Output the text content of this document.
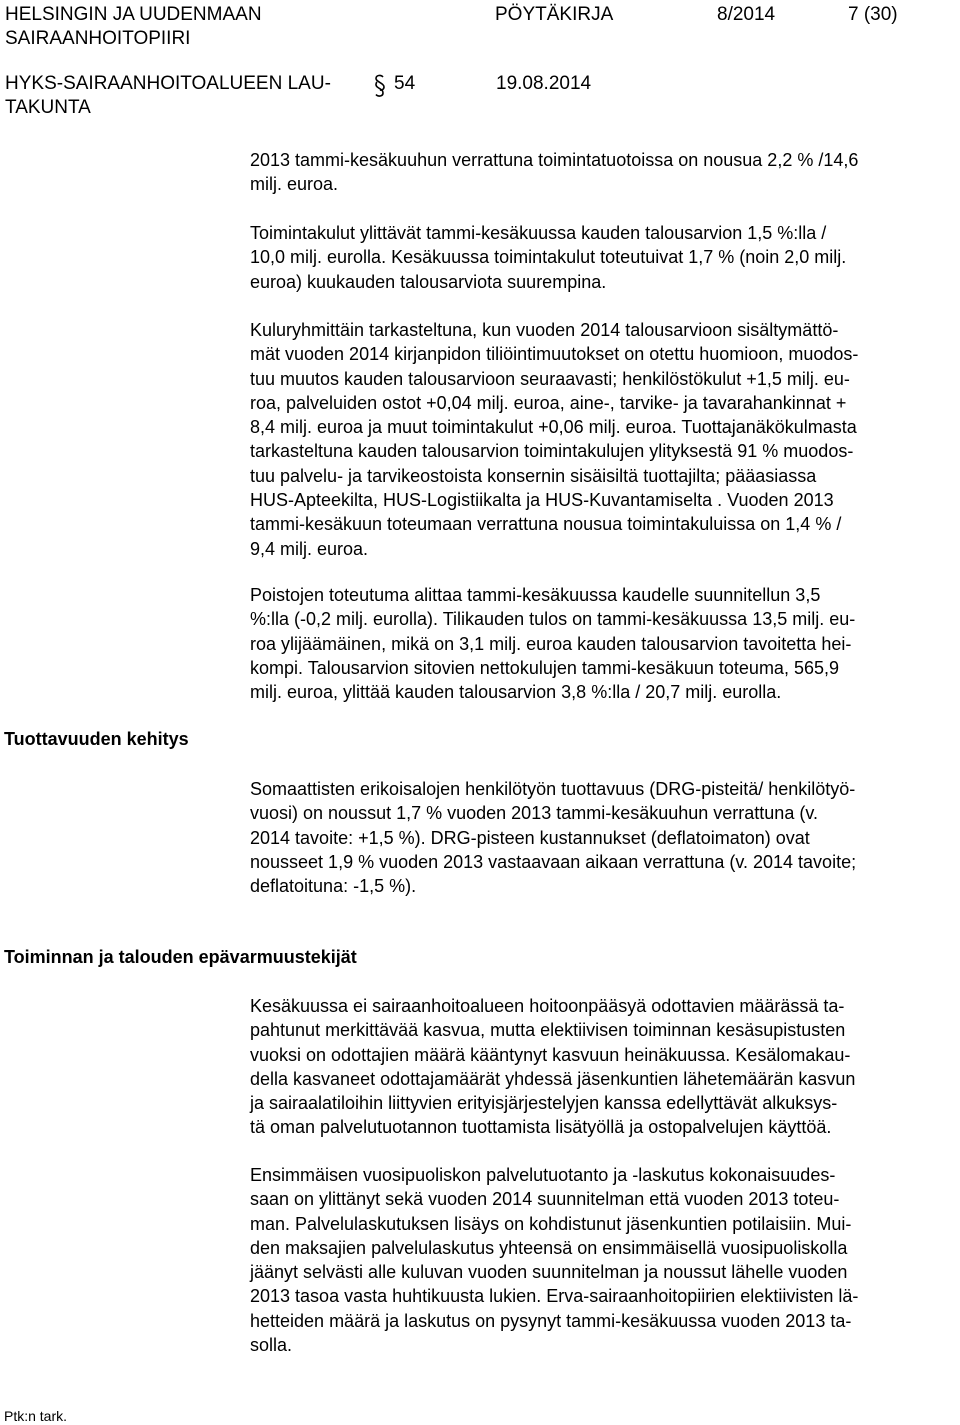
HELSINGIN JA UUDENMAAN
SAIRAANHOITOPIIRI
PÖYTÄKIRJA	8/2014	7 (30)
HYKS-SAIRAANHOITOALUEEN LAU-
TAKUNTA
54	19.08.2014
2013 tammi-kesäkuuhun verrattuna toimintatuotoissa on nousua 2,2 % /14,6
milj. euroa.
Toimintakulut ylittävät tammi-kesäkuussa kauden talousarvion 1,5 %:lla /
10,0 milj. eurolla. Kesäkuussa toimintakulut toteutuivat 1,7 % (noin 2,0 milj.
euroa) kuukauden talousarviota suurempina.
Kuluryhmittäin tarkasteltuna, kun vuoden 2014 talousarvioon sisältymättö-
mät vuoden 2014 kirjanpidon tiliöintimuutokset on otettu huomioon, muodos-
tuu muutos kauden talousarvioon seuraavasti; henkilöstökulut +1,5 milj. eu-
roa, palveluiden ostot +0,04 milj. euroa, aine-, tarvike- ja tavarahankinnat +
8,4 milj. euroa ja muut toimintakulut +0,06 milj. euroa. Tuottajanäkökulmasta
tarkasteltuna kauden talousarvion toimintakulujen ylityksestä 91 % muodos-
tuu palvelu- ja tarvikeostoista konsernin sisäisiltä tuottajilta; pääasiassa
HUS-Apteekilta, HUS-Logistiikalta ja HUS-Kuvantamiselta . Vuoden 2013
tammi-kesäkuun toteumaan verrattuna nousua toimintakuluissa on 1,4 % /
9,4 milj. euroa.
Poistojen toteutuma alittaa tammi-kesäkuussa kaudelle suunnitellun 3,5
%:lla (-0,2 milj. eurolla). Tilikauden tulos on tammi-kesäkuussa 13,5 milj. eu-
roa ylijäämäinen, mikä on 3,1 milj. euroa kauden talousarvion tavoitetta hei-
kompi. Talousarvion sitovien nettokulujen tammi-kesäkuun toteuma, 565,9
milj. euroa, ylittää kauden talousarvion 3,8 %:lla / 20,7 milj. eurolla.
Tuottavuuden kehitys
Somaattisten erikoisalojen henkilötyön tuottavuus (DRG-pisteitä/ henkilötyö-
vuosi) on noussut 1,7 % vuoden 2013 tammi-kesäkuuhun verrattuna (v.
2014 tavoite: +1,5 %). DRG-pisteen kustannukset (deflatoimaton) ovat
nousseet 1,9 % vuoden 2013 vastaavaan aikaan verrattuna (v. 2014 tavoite;
deflatoituna: -1,5 %).
Toiminnan ja talouden epävarmuustekijät
Kesäkuussa ei sairaanhoitoalueen hoitoonpääsyä odottavien määrässä ta-
pahtunut merkittävää kasvua, mutta elektiivisen toiminnan kesäsupistusten
vuoksi on odottajien määrä kääntynyt kasvuun heinäkuussa. Kesälomakau-
della kasvaneet odottajamäärät yhdessä jäsenkuntien lähetemäärän kasvun
ja sairaalatiloihin liittyvien erityisjärjestelyjen kanssa edellyttävät alkuksys-
tä oman palvelutuotannon tuottamista lisätyöllä ja ostopalvelujen käyttöä.
Ensimmäisen vuosipuoliskon palvelutuotanto ja -laskutus kokonaisuudes-
saan on ylittänyt sekä vuoden 2014 suunnitelman että vuoden 2013 toteu-
man. Palvelulaskutuksen lisäys on kohdistunut jäsenkuntien potilaisiin. Mui-
den maksajien palvelulaskutus yhteensä on ensimmäisellä vuosipuoliskolla
jäänyt selvästi alle kuluvan vuoden suunnitelman ja noussut lähelle vuoden
2013 tasoa vasta huhtikuusta lukien. Erva-sairaanhoitopiirien elektiivisten lä-
hetteiden määrä ja laskutus on pysynyt tammi-kesäkuussa vuoden 2013 ta-
solla.
Ptk:n tark.
